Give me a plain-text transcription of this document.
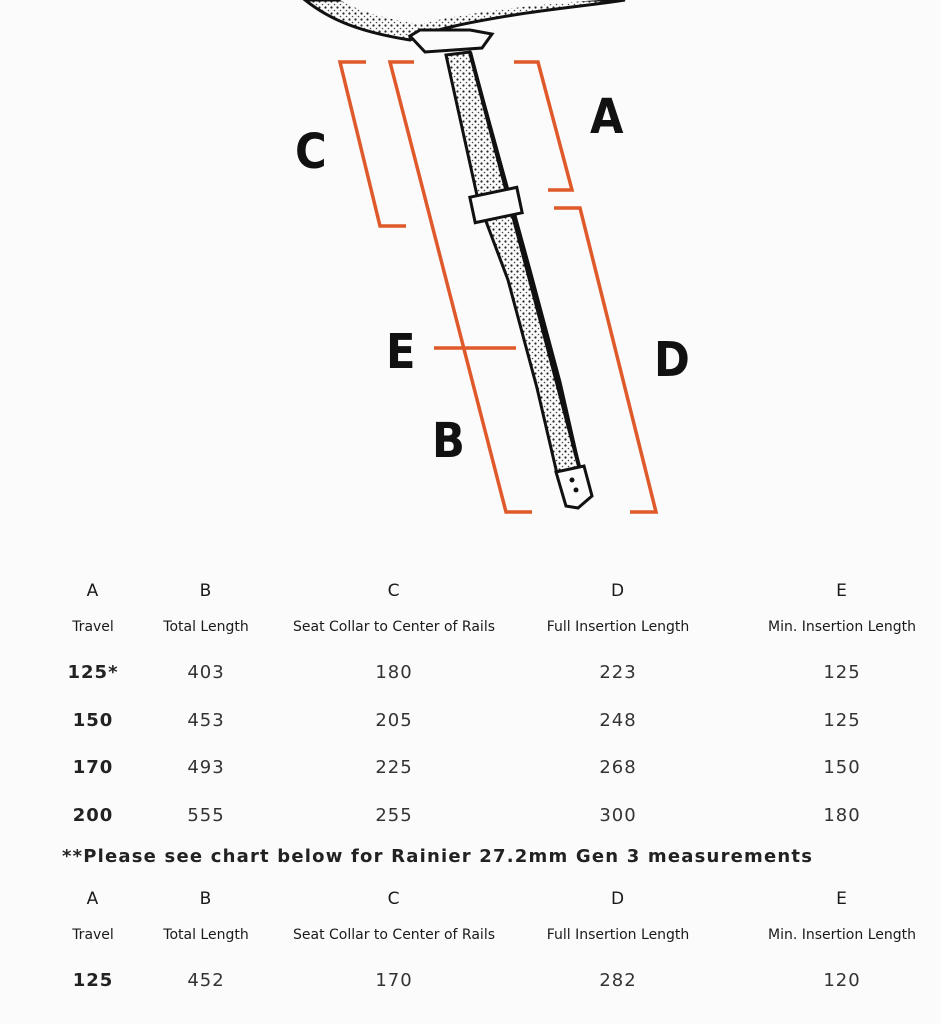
A
C
E	D
B
A	B	C	D	E
Travel	Total Length	Seat Collar to Center of Rails	Full Insertion Length	Min. Insertion Length
125*	403	180	223	125
150	453	205	248	125
170	493	225	268	150
200	555	255	300	180

**Please see chart below for Rainier 27.2mm Gen 3 measurements

A	B	C	D	E
Travel	Total Length	Seat Collar to Center of Rails	Full Insertion Length	Min. Insertion Length
125	452	170	282	120
